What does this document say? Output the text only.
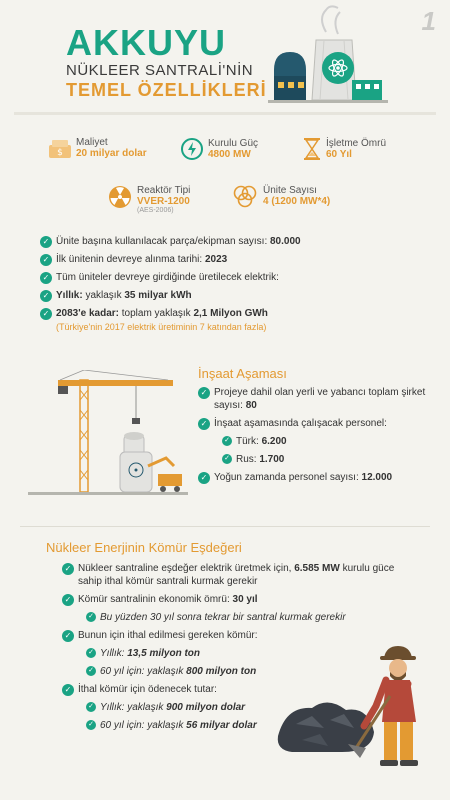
1
AKKUYU
NÜKLEER SANTRALİ'NİN
TEMEL ÖZELLİKLERİ
$
Maliyet
20 milyar dolar
Kurulu Güç
4800 MW
İşletme Ömrü
60 Yıl
Reaktör Tipi
VVER-1200
(AES-2006)
Ünite Sayısı
4 (1200 MW*4)
✓ Ünite başına kullanılacak parça/ekipman sayısı: 80.000
✓ İlk ünitenin devreye alınma tarihi: 2023
✓ Tüm üniteler devreye girdiğinde üretilecek elektrik:
✓ Yıllık: yaklaşık 35 milyar kWh
✓ 2083'e kadar: toplam yaklaşık 2,1 Milyon GWh
(Türkiye'nin 2017 elektrik üretiminin 7 katından fazla)
İnşaat Aşaması
✓ Projeye dahil olan yerli ve yabancı toplam şirket sayısı: 80
✓ İnşaat aşamasında çalışacak personel:
✓ Türk: 6.200
✓ Rus: 1.700
✓ Yoğun zamanda personel sayısı: 12.000
Nükleer Enerjinin Kömür Eşdeğeri
✓ Nükleer santraline eşdeğer elektrik üretmek için, 6.585 MW kurulu güce sahip ithal kömür santrali kurmak gerekir
✓ Kömür santralinin ekonomik ömrü: 30 yıl
✓ Bu yüzden 30 yıl sonra tekrar bir santral kurmak gerekir
✓ Bunun için ithal edilmesi gereken kömür:
✓ Yıllık: 13,5 milyon ton
✓ 60 yıl için: yaklaşık 800 milyon ton
✓ İthal kömür için ödenecek tutar:
✓ Yıllık: yaklaşık 900 milyon dolar
✓ 60 yıl için: yaklaşık 56 milyar dolar
